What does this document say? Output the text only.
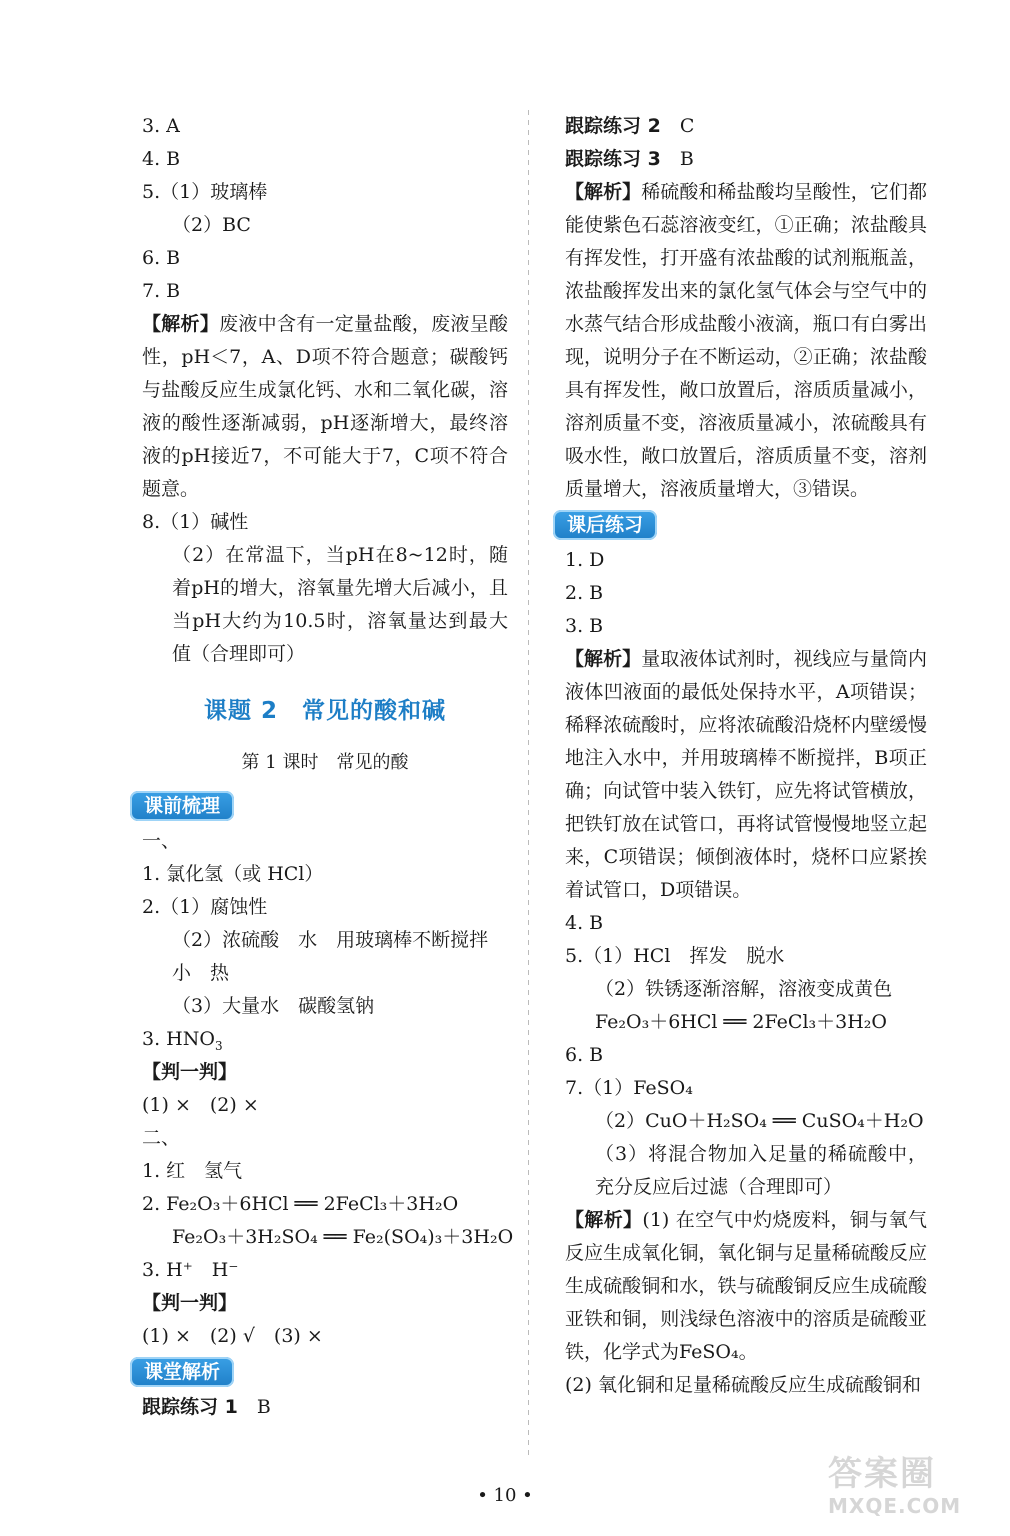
3. A
4. B
5.（1）玻璃棒
（2）BC
6. B
7. B
【解析】废液中含有一定量盐酸，废液呈酸性，pH＜7，A、D项不符合题意；碳酸钙与盐酸反应生成氯化钙、水和二氧化碳，溶液的酸性逐渐减弱，pH逐渐增大，最终溶液的pH接近7，不可能大于7，C项不符合题意。
8.（1）碱性
（2）在常温下，当pH在8~12时，随着pH的增大，溶氧量先增大后减小，且当pH大约为10.5时，溶氧量达到最大值（合理即可）
课题 2　常见的酸和碱
第 1 课时　常见的酸
课前梳理
一、
1. 氯化氢（或 HCl）
2.（1）腐蚀性
（2）浓硫酸　水　用玻璃棒不断搅拌
小　热
（3）大量水　碳酸氢钠
3. $HNO_3$
【判一判】
(1) ×　(2) ×
二、
1. 红　氢气
2. Fe₂O₃＋6HCl ══ 2FeCl₃＋3H₂O
Fe₂O₃＋3H₂SO₄ ══ Fe₂(SO₄)₃＋3H₂O
3. H⁺　H⁻
【判一判】
(1) ×　(2) √　(3) ×
课堂解析
跟踪练习 1　 B
跟踪练习 2　 C
跟踪练习 3　 B
【解析】稀硫酸和稀盐酸均呈酸性，它们都能使紫色石蕊溶液变红，①正确；浓盐酸具有挥发性，打开盛有浓盐酸的试剂瓶瓶盖，浓盐酸挥发出来的氯化氢气体会与空气中的水蒸气结合形成盐酸小液滴，瓶口有白雾出现，说明分子在不断运动，②正确；浓盐酸具有挥发性，敞口放置后，溶质质量减小，溶剂质量不变，溶液质量减小，浓硫酸具有吸水性，敞口放置后，溶质质量不变，溶剂质量增大，溶液质量增大，③错误。
课后练习
1. D
2. B
3. B
【解析】量取液体试剂时，视线应与量筒内液体凹液面的最低处保持水平，A项错误；稀释浓硫酸时，应将浓硫酸沿烧杯内壁缓慢地注入水中，并用玻璃棒不断搅拌，B项正确；向试管中装入铁钉，应先将试管横放，把铁钉放在试管口，再将试管慢慢地竖立起来，C项错误；倾倒液体时，烧杯口应紧挨着试管口，D项错误。
4. B
5.（1）HCl　挥发　脱水
（2）铁锈逐渐溶解，溶液变成黄色
Fe₂O₃＋6HCl ══ 2FeCl₃＋3H₂O
6. B
7.（1）FeSO₄
（2）CuO＋H₂SO₄ ══ CuSO₄＋H₂O
（3）将混合物加入足量的稀硫酸中，充分反应后过滤（合理即可）
【解析】(1) 在空气中灼烧废料，铜与氧气反应生成氧化铜，氧化铜与足量稀硫酸反应生成硫酸铜和水，铁与硫酸铜反应生成硫酸亚铁和铜，则浅绿色溶液中的溶质是硫酸亚铁，化学式为FeSO₄。
(2) 氧化铜和足量稀硫酸反应生成硫酸铜和
• 10 •
答案圈
MXQE.COM
